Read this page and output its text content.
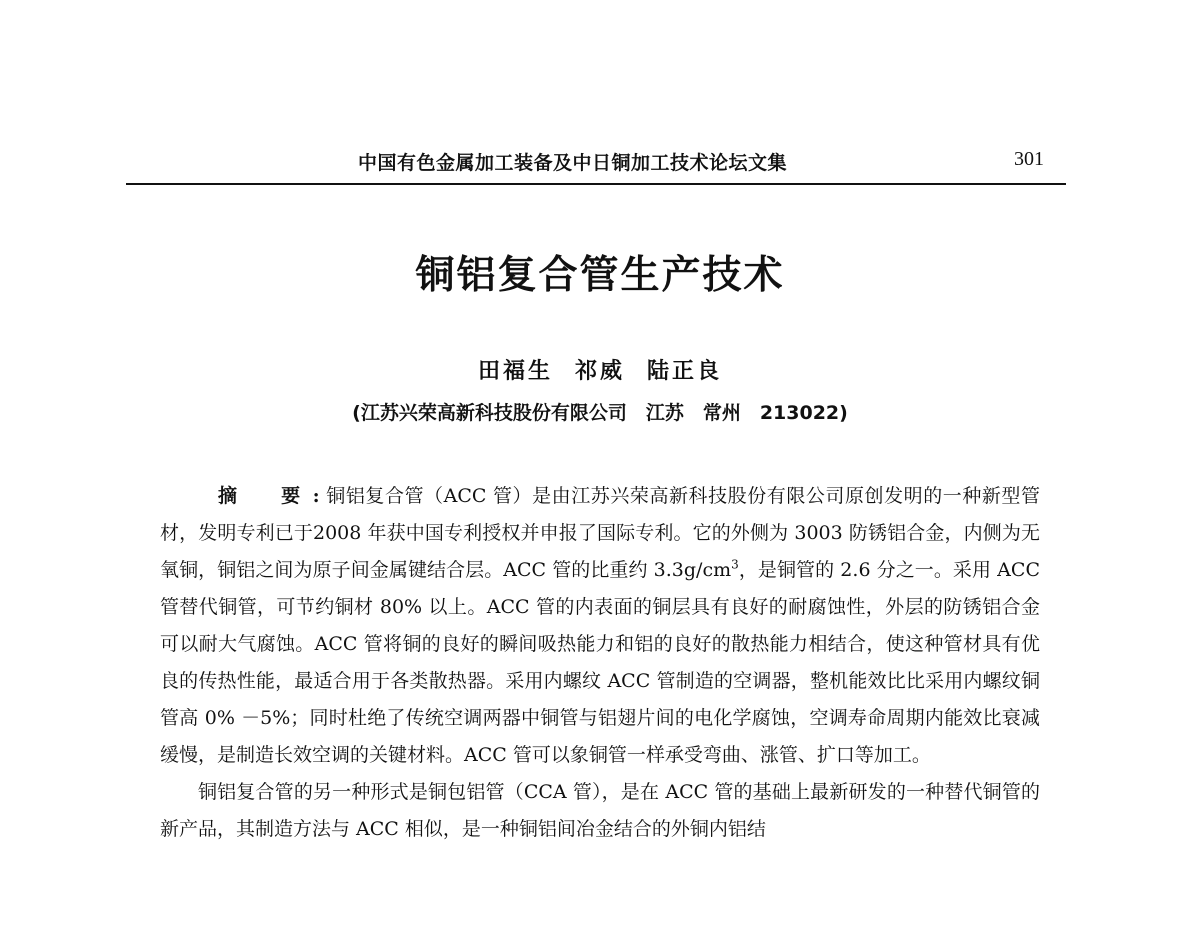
中国有色金属加工装备及中日铜加工技术论坛文集	301
铜铝复合管生产技术
田福生 祁威 陆正良
(江苏兴荣高新科技股份有限公司　江苏　常州　213022)

摘　要: 铜铝复合管（ACC 管）是由江苏兴荣高新科技股份有限公司原创发明的一种新型管材，发明专利已于2008 年获中国专利授权并申报了国际专利。它的外侧为 3003 防锈铝合金，内侧为无氧铜，铜铝之间为原子间金属键结合层。ACC 管的比重约 $3.3g/cm^3$，是铜管的 2.6 分之一。采用 ACC 管替代铜管，可节约铜材 80% 以上。ACC 管的内表面的铜层具有良好的耐腐蚀性，外层的防锈铝合金可以耐大气腐蚀。ACC 管将铜的良好的瞬间吸热能力和铝的良好的散热能力相结合，使这种管材具有优良的传热性能，最适合用于各类散热器。采用内螺纹 ACC 管制造的空调器，整机能效比比采用内螺纹铜管高 0% －5%；同时杜绝了传统空调两器中铜管与铝翅片间的电化学腐蚀，空调寿命周期内能效比衰减缓慢，是制造长效空调的关键材料。ACC 管可以象铜管一样承受弯曲、涨管、扩口等加工。

铜铝复合管的另一种形式是铜包铝管（CCA 管），是在 ACC 管的基础上最新研发的一种替代铜管的新产品，其制造方法与 ACC 相似，是一种铜铝间冶金结合的外铜内铝结
